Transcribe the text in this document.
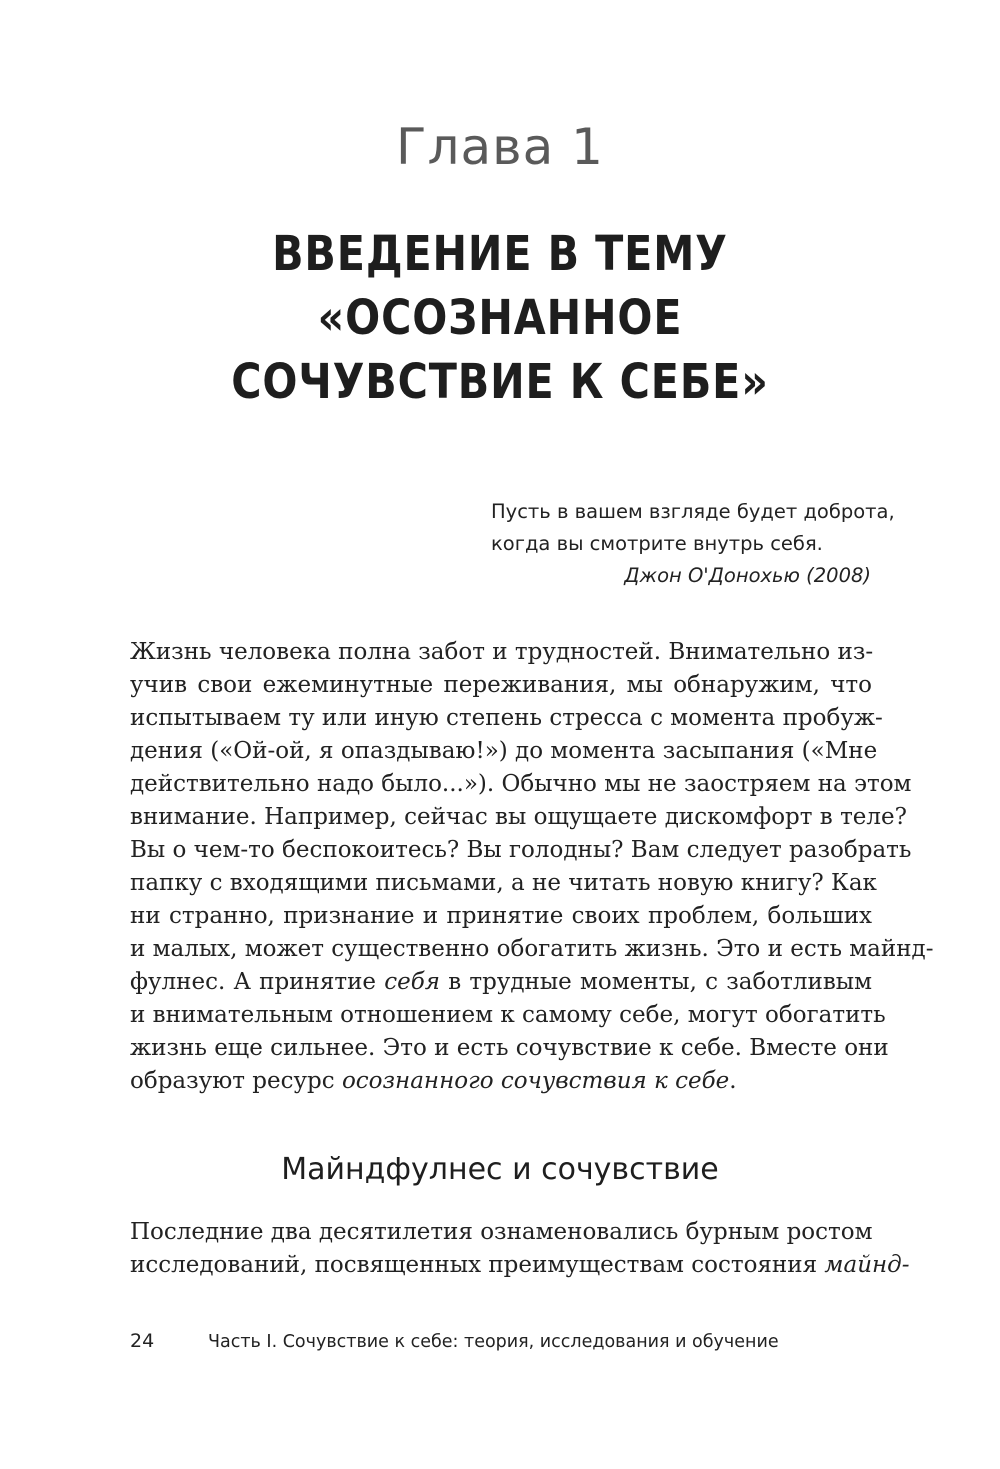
Глава 1
ВВЕДЕНИЕ В ТЕМУ
«ОСОЗНАННОЕ
СОЧУВСТВИЕ К СЕБЕ»
Пусть в вашем взгляде будет доброта,
когда вы смотрите внутрь себя.
Джон О'Донохью (2008)
Жизнь человека полна забот и трудностей. Внимательно из-
учив свои ежеминутные переживания, мы обнаружим, что
испытываем ту или иную степень стресса с момента пробуж-
дения («Ой-ой, я опаздываю!») до момента засыпания («Мне
действительно надо было...»). Обычно мы не заостряем на этом
внимание. Например, сейчас вы ощущаете дискомфорт в теле?
Вы о чем-то беспокоитесь? Вы голодны? Вам следует разобрать
папку с входящими письмами, а не читать новую книгу? Как
ни странно, признание и принятие своих проблем, больших
и малых, может существенно обогатить жизнь. Это и есть майнд-
фулнес. А принятие себя в трудные моменты, с заботливым
и внимательным отношением к самому себе, могут обогатить
жизнь еще сильнее. Это и есть сочувствие к себе. Вместе они
образуют ресурс осознанного сочувствия к себе.
Майндфулнес и сочувствие
Последние два десятилетия ознаменовались бурным ростом
исследований, посвященных преимуществам состояния майнд-
24	Часть I. Сочувствие к себе: теория, исследования и обучение
